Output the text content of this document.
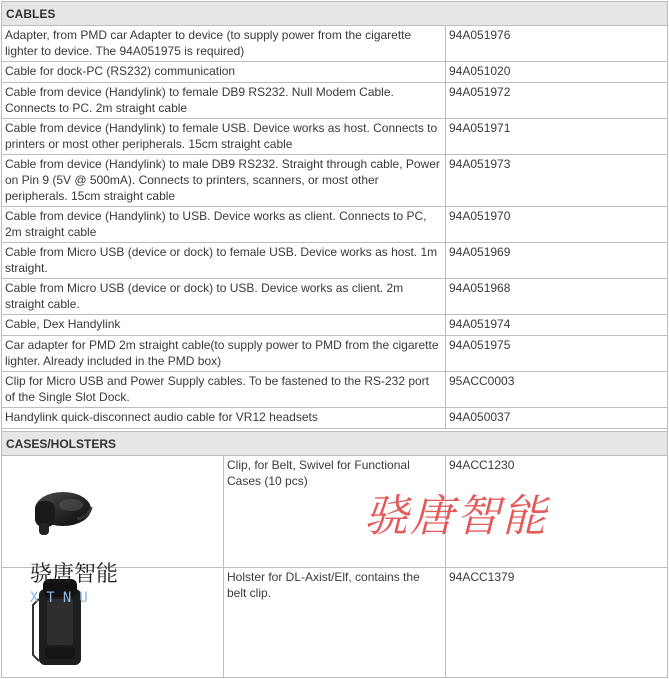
CABLES		
Adapter, from PMD car Adapter to device (to supply power from the cigarette lighter to device. The 94A051975 is required)		94A051976
Cable for dock-PC (RS232) communication		94A051020
Cable from device (Handylink) to female DB9 RS232. Null Modem Cable. Connects to PC. 2m straight cable		94A051972
Cable from device (Handylink) to female USB. Device works as host. Connects to printers or most other peripherals. 15cm straight cable		94A051971
Cable from device (Handylink) to male DB9 RS232. Straight through cable, Power on Pin 9 (5V @ 500mA). Connects to printers, scanners, or most other peripherals. 15cm straight cable		94A051973
Cable from device (Handylink) to USB. Device works as client. Connects to PC, 2m straight cable		94A051970
Cable from Micro USB (device or dock) to female USB. Device works as host. 1m straight.		94A051969
Cable from Micro USB (device or dock) to USB. Device works as client. 2m straight cable.		94A051968
Cable, Dex Handylink		94A051974
Car adapter for PMD 2m straight cable(to supply power to PMD from the cigarette lighter. Already included in the PMD box)		94A051975
Clip for Micro USB and Power Supply cables. To be fastened to the RS-232 port of the Single Slot Dock.		95ACC0003
Handylink quick-disconnect audio cable for VR12 headsets		94A050037

CASES/HOLSTERS		

	Clip, for Belt, Swivel for Functional Cases (10 pcs)	94ACC1230

	Holster for DL-Axist/Elf, contains the belt clip.	94ACC1379
骁唐智能
骁唐智能
XTNU
